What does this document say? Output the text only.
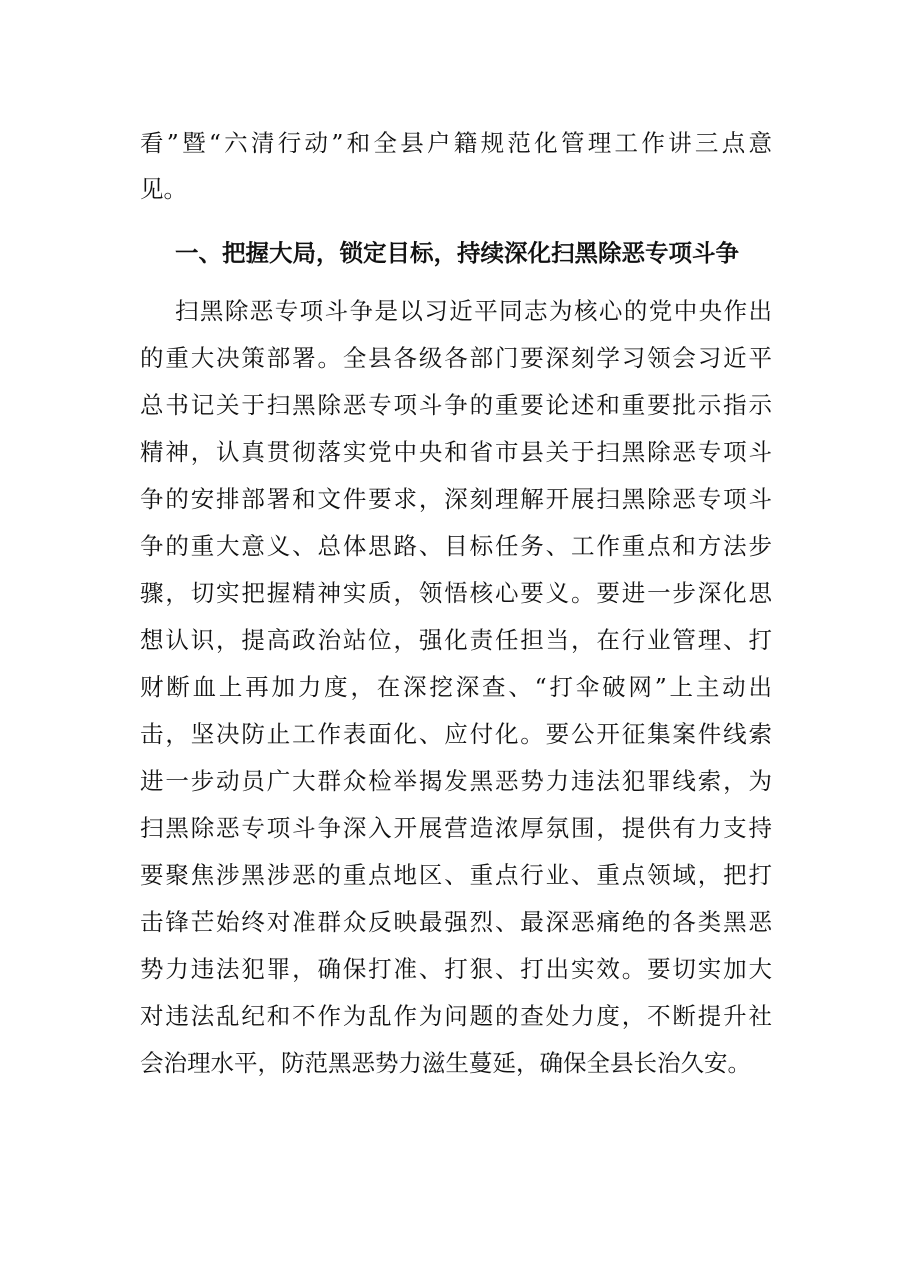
看”暨“六清行动”和全县户籍规范化管理工作讲三点意
见。
一、把握大局，锁定目标，持续深化扫黑除恶专项斗争
扫黑除恶专项斗争是以习近平同志为核心的党中央作出
的重大决策部署。全县各级各部门要深刻学习领会习近平
总书记关于扫黑除恶专项斗争的重要论述和重要批示指示
精神，认真贯彻落实党中央和省市县关于扫黑除恶专项斗
争的安排部署和文件要求，深刻理解开展扫黑除恶专项斗
争的重大意义、总体思路、目标任务、工作重点和方法步
骤，切实把握精神实质，领悟核心要义。要进一步深化思
想认识，提高政治站位，强化责任担当，在行业管理、打
财断血上再加力度，在深挖深查、“打伞破网”上主动出
击，坚决防止工作表面化、应付化。要公开征集案件线索
进一步动员广大群众检举揭发黑恶势力违法犯罪线索，为
扫黑除恶专项斗争深入开展营造浓厚氛围，提供有力支持
要聚焦涉黑涉恶的重点地区、重点行业、重点领域，把打
击锋芒始终对准群众反映最强烈、最深恶痛绝的各类黑恶
势力违法犯罪，确保打准、打狠、打出实效。要切实加大
对违法乱纪和不作为乱作为问题的查处力度，不断提升社
会治理水平，防范黑恶势力滋生蔓延，确保全县长治久安。
